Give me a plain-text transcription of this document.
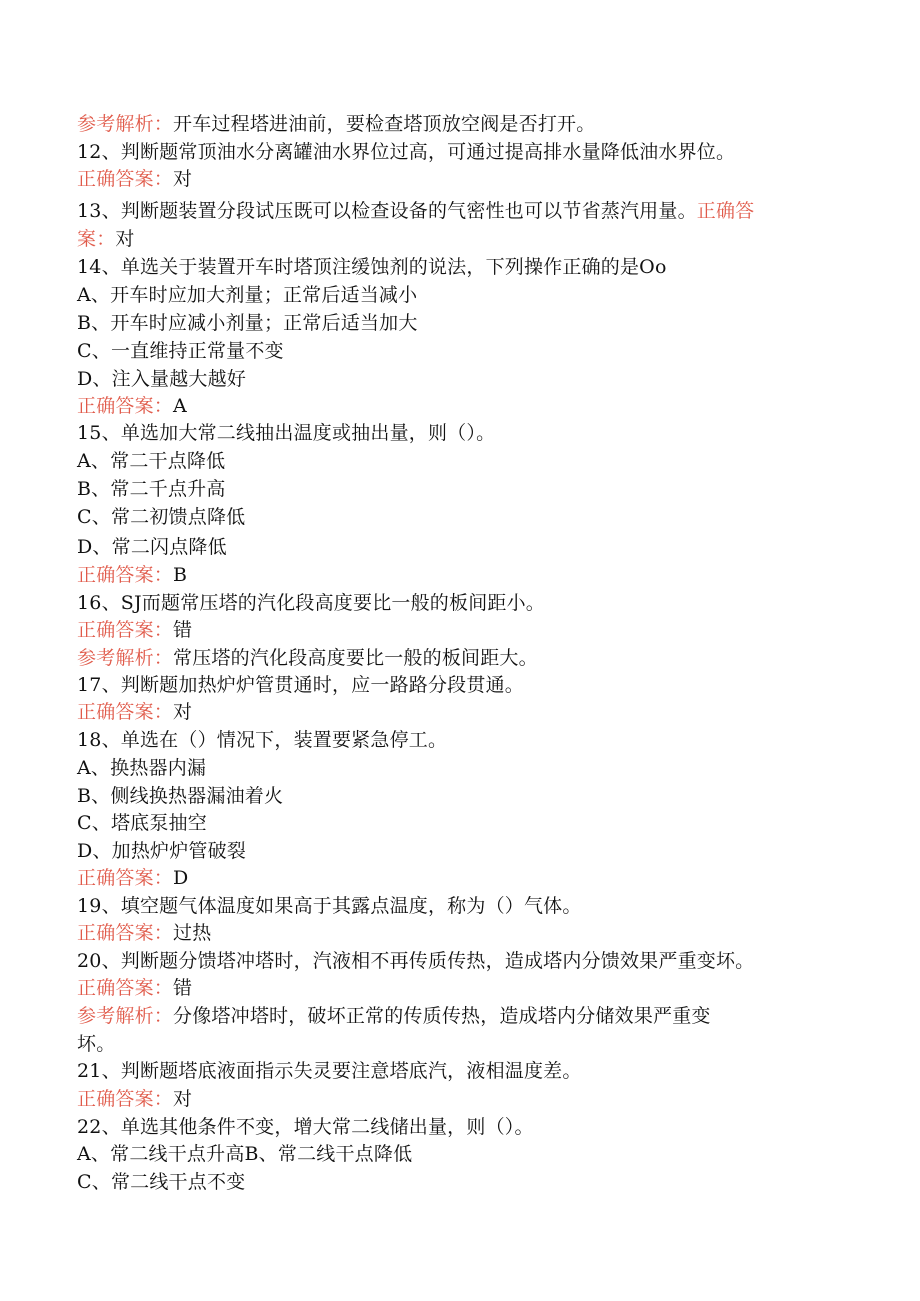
参考解析：开车过程塔进油前，要检查塔顶放空阀是否打开。
12、判断题常顶油水分离罐油水界位过高，可通过提高排水量降低油水界位。
正确答案：对
13、判断题装置分段试压既可以检查设备的气密性也可以节省蒸汽用量。正确答
案：对
14、单选关于装置开车时塔顶注缓蚀剂的说法，下列操作正确的是Oo
A、开车时应加大剂量；正常后适当减小
B、开车时应减小剂量；正常后适当加大
C、一直维持正常量不变
D、注入量越大越好
正确答案：A
15、单选加大常二线抽出温度或抽出量，则（）。
A、常二干点降低
B、常二千点升高
C、常二初馈点降低
D、常二闪点降低
正确答案：B
16、SJ而题常压塔的汽化段高度要比一般的板间距小。
正确答案：错
参考解析：常压塔的汽化段高度要比一般的板间距大。
17、判断题加热炉炉管贯通时，应一路路分段贯通。
正确答案：对
18、单选在（）情况下，装置要紧急停工。
A、换热器内漏
B、侧线换热器漏油着火
C、塔底泵抽空
D、加热炉炉管破裂
正确答案：D
19、填空题气体温度如果高于其露点温度，称为（）气体。
正确答案：过热
20、判断题分馈塔冲塔时，汽液相不再传质传热，造成塔内分馈效果严重变坏。
正确答案：错
参考解析：分像塔冲塔时，破坏正常的传质传热，造成塔内分储效果严重变
坏。
21、判断题塔底液面指示失灵要注意塔底汽，液相温度差。
正确答案：对
22、单选其他条件不变，增大常二线储出量，则（）。
A、常二线干点升高B、常二线干点降低
C、常二线干点不变
